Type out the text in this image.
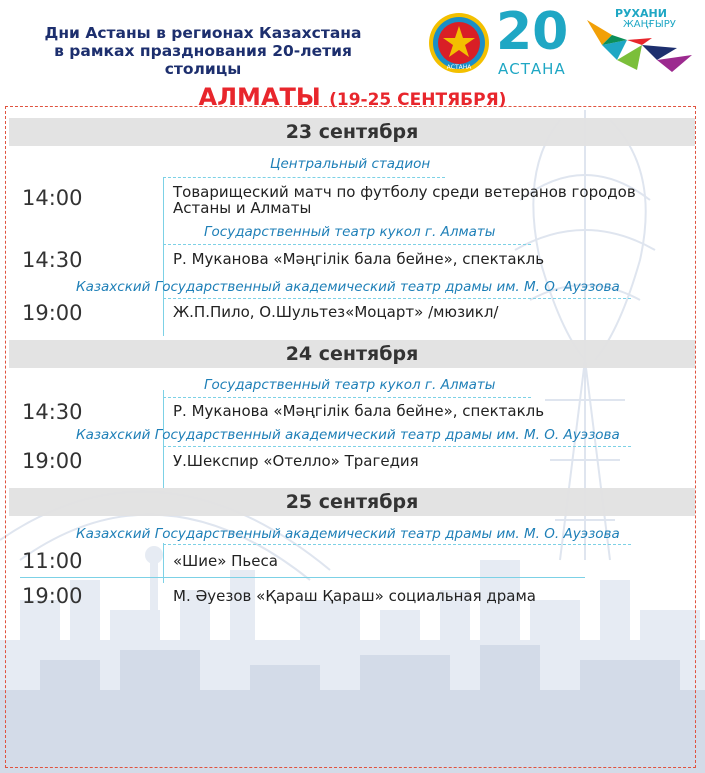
Дни Астаны в регионах Казахстана
в рамках празднования 20-летия столицы	АСТАНА
20
АСТАНА
РУХАНИ
ЖАҢҒЫРУ
АЛМАТЫ (19-25 СЕНТЯБРЯ)
23 сентября
Центральный стадион
14:00	Товарищеский матч по футболу среди ветеранов городов
Астаны и Алматы
Государственный театр кукол г. Алматы
14:30	Р. Муканова «Мәңгілік бала бейне», спектакль
Казахский Государственный академический театр драмы им. М. О. Ауэзова
19:00	Ж.П.Пило, О.Шультез«Моцарт» /мюзикл/
24 сентября
Государственный театр кукол г. Алматы
14:30	Р. Муканова «Мәңгілік бала бейне», спектакль
Казахский Государственный академический театр драмы им. М. О. Ауэзова
19:00	У.Шекспир «Отелло» Трагедия
25 сентября
Казахский Государственный академический театр драмы им. М. О. Ауэзова
11:00	«Шие» Пьеса
19:00	М. Әуезов «Қараш Қараш» социальная драма
